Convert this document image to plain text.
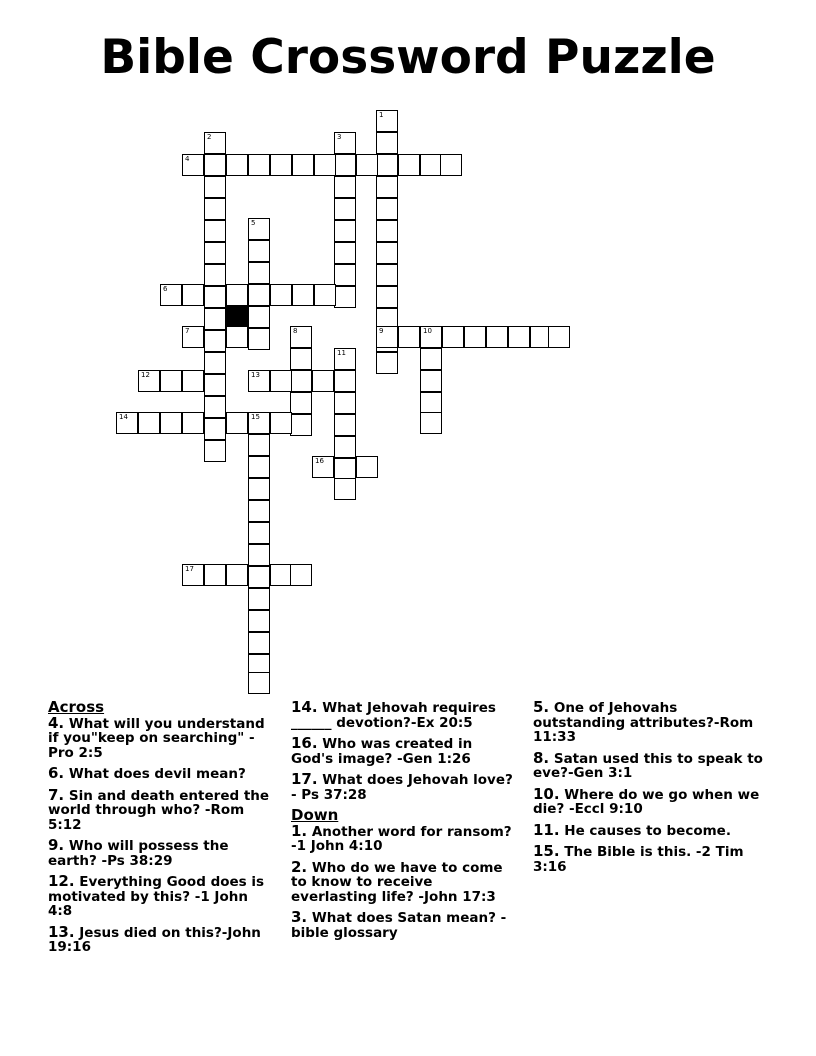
Bible Crossword Puzzle
1
2	3
4
5
6
7	8	10
11
12	13
14	15
16
17
9
Across
4. What will you understand if you"keep on searching" -Pro 2:5
6. What does devil mean?
7. Sin and death entered the world through who? -Rom 5:12
9. Who will possess the earth? -Ps 38:29
12. Everything Good does is motivated by this? -1 John 4:8
13. Jesus died on this?-John 19:16
14. What Jehovah requires ______ devotion?-Ex 20:5
16. Who was created in God's image? -Gen 1:26
17. What does Jehovah love? - Ps 37:28
Down
1. Another word for ransom? -1 John 4:10
2. Who do we have to come to know to receive everlasting life? -John 17:3
3. What does Satan mean? - bible glossary
5. One of Jehovahs outstanding attributes?-Rom 11:33
8. Satan used this to speak to eve?-Gen 3:1
10. Where do we go when we die? -Eccl 9:10
11. He causes to become.
15. The Bible is this. -2 Tim 3:16
